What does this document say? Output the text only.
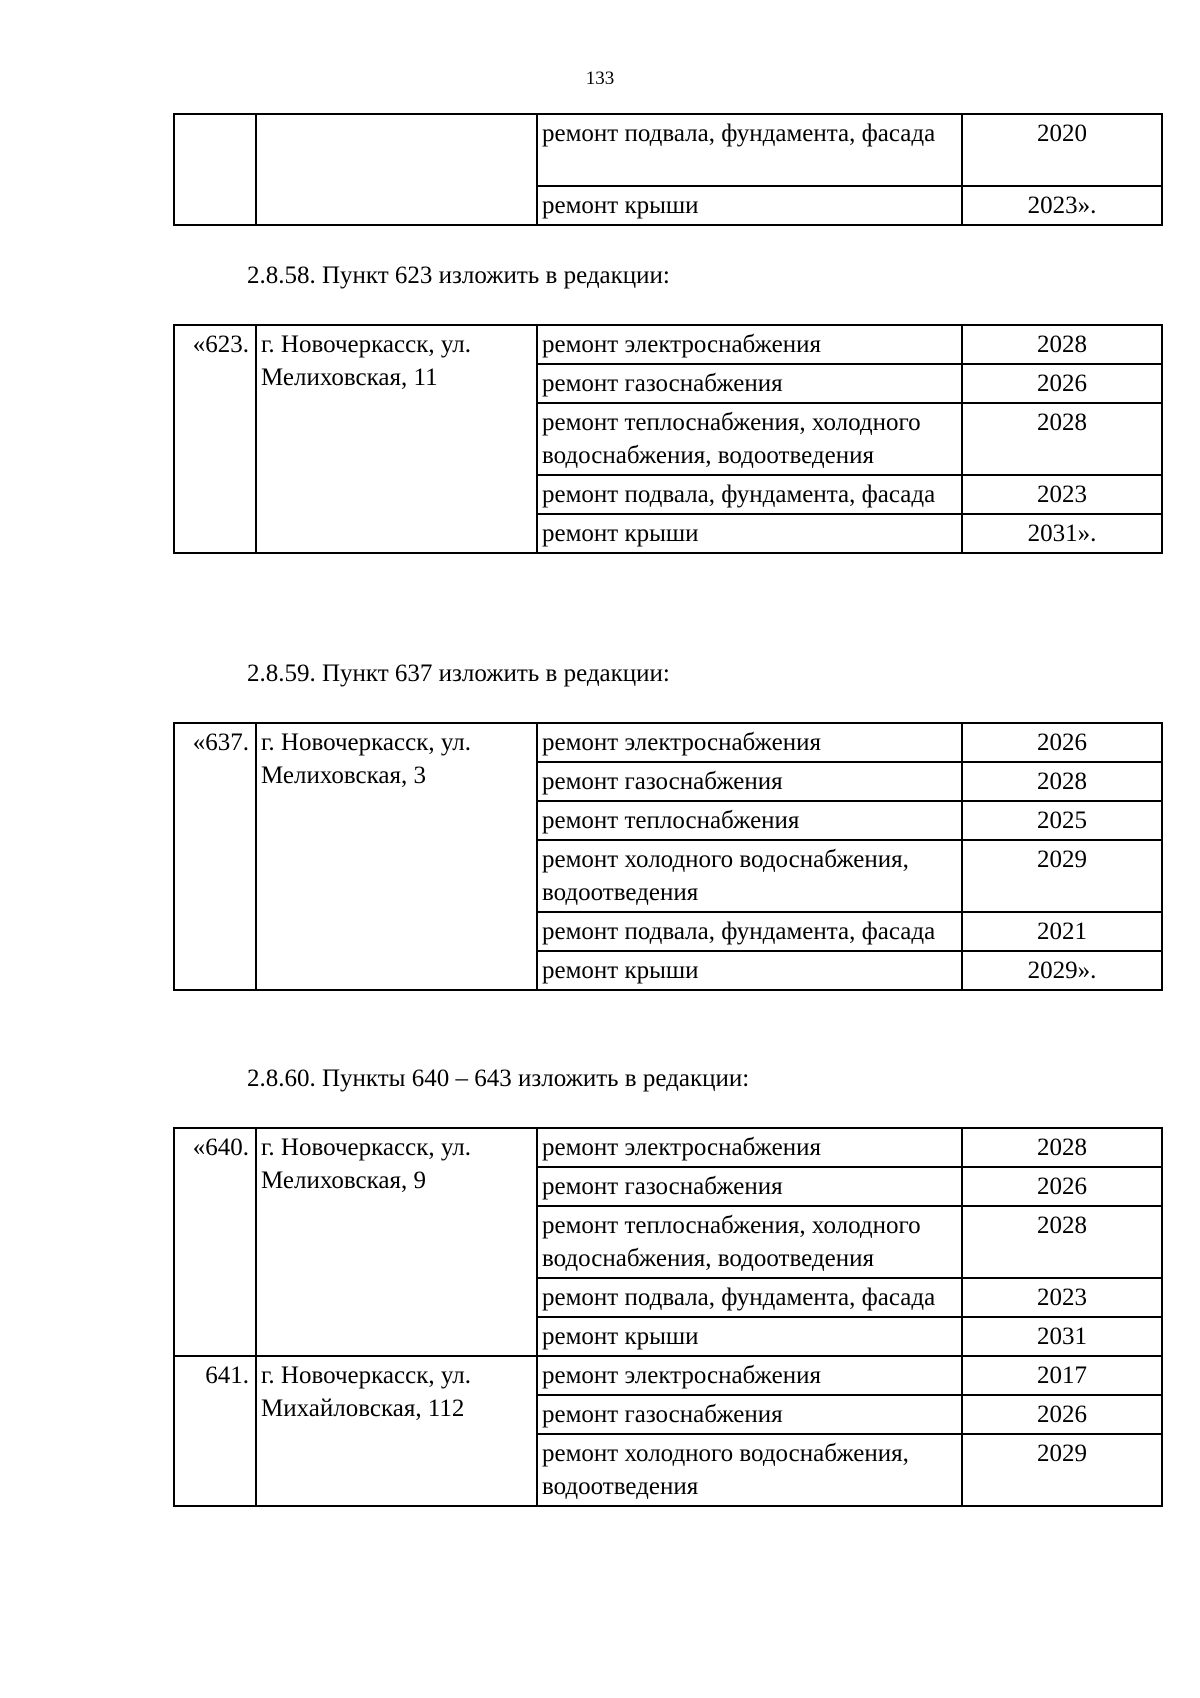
133
		ремонт подвала, фундамента, фасада	2020
		ремонт крыши	2023».
2.8.58. Пункт 623 изложить в редакции:
«623.	г. Новочеркасск, ул. Мелиховская, 11	ремонт электроснабжения	2028
		ремонт газоснабжения	2026
		ремонт теплоснабжения, холодного водоснабжения, водоотведения	2028
		ремонт подвала, фундамента, фасада	2023
		ремонт крыши	2031».
2.8.59. Пункт 637 изложить в редакции:
«637.	г. Новочеркасск, ул. Мелиховская, 3	ремонт электроснабжения	2026
		ремонт газоснабжения	2028
		ремонт теплоснабжения	2025
		ремонт холодного водоснабжения, водоотведения	2029
		ремонт подвала, фундамента, фасада	2021
		ремонт крыши	2029».
2.8.60. Пункты 640 – 643 изложить в редакции:
«640.	г. Новочеркасск, ул. Мелиховская, 9	ремонт электроснабжения	2028
		ремонт газоснабжения	2026
		ремонт теплоснабжения, холодного водоснабжения, водоотведения	2028
		ремонт подвала, фундамента, фасада	2023
		ремонт крыши	2031
641.	г. Новочеркасск, ул. Михайловская, 112	ремонт электроснабжения	2017
		ремонт газоснабжения	2026
		ремонт холодного водоснабжения, водоотведения	2029
